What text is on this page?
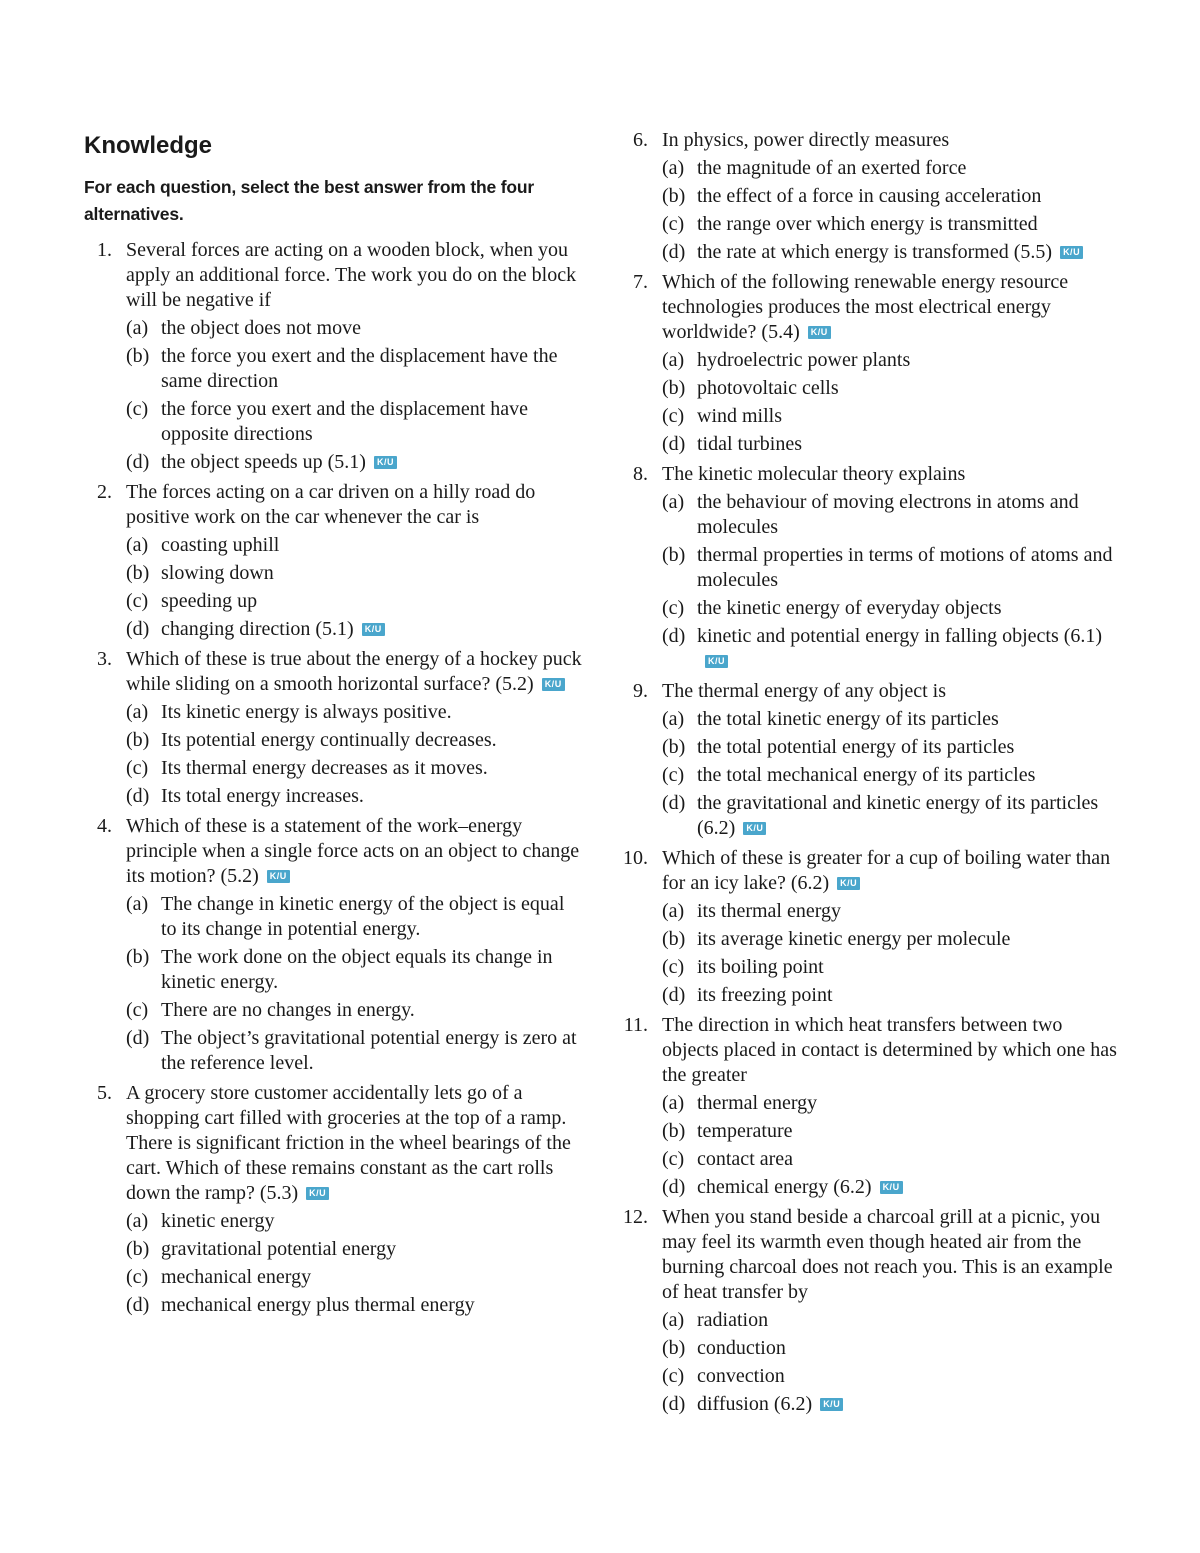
Knowledge
For each question, select the best answer from the four alternatives.
1. Several forces are acting on a wooden block, when you apply an additional force. The work you do on the block will be negative if
(a) the object does not move
(b) the force you exert and the displacement have the same direction
(c) the force you exert and the displacement have opposite directions
(d) the object speeds up (5.1) K/U
2. The forces acting on a car driven on a hilly road do positive work on the car whenever the car is
(a) coasting uphill
(b) slowing down
(c) speeding up
(d) changing direction (5.1) K/U
3. Which of these is true about the energy of a hockey puck while sliding on a smooth horizontal surface? (5.2) K/U
(a) Its kinetic energy is always positive.
(b) Its potential energy continually decreases.
(c) Its thermal energy decreases as it moves.
(d) Its total energy increases.
4. Which of these is a statement of the work–energy principle when a single force acts on an object to change its motion? (5.2) K/U
(a) The change in kinetic energy of the object is equal to its change in potential energy.
(b) The work done on the object equals its change in kinetic energy.
(c) There are no changes in energy.
(d) The object’s gravitational potential energy is zero at the reference level.
5. A grocery store customer accidentally lets go of a shopping cart filled with groceries at the top of a ramp. There is significant friction in the wheel bearings of the cart. Which of these remains constant as the cart rolls down the ramp? (5.3) K/U
(a) kinetic energy
(b) gravitational potential energy
(c) mechanical energy
(d) mechanical energy plus thermal energy
6. In physics, power directly measures
(a) the magnitude of an exerted force
(b) the effect of a force in causing acceleration
(c) the range over which energy is transmitted
(d) the rate at which energy is transformed (5.5) K/U
7. Which of the following renewable energy resource technologies produces the most electrical energy worldwide? (5.4) K/U
(a) hydroelectric power plants
(b) photovoltaic cells
(c) wind mills
(d) tidal turbines
8. The kinetic molecular theory explains
(a) the behaviour of moving electrons in atoms and molecules
(b) thermal properties in terms of motions of atoms and molecules
(c) the kinetic energy of everyday objects
(d) kinetic and potential energy in falling objects (6.1)K/U
9. The thermal energy of any object is
(a) the total kinetic energy of its particles
(b) the total potential energy of its particles
(c) the total mechanical energy of its particles
(d) the gravitational and kinetic energy of its particles (6.2) K/U
10. Which of these is greater for a cup of boiling water than for an icy lake? (6.2) K/U
(a) its thermal energy
(b) its average kinetic energy per molecule
(c) its boiling point
(d) its freezing point
11. The direction in which heat transfers between two objects placed in contact is determined by which one has the greater
(a) thermal energy
(b) temperature
(c) contact area
(d) chemical energy (6.2) K/U
12. When you stand beside a charcoal grill at a picnic, you may feel its warmth even though heated air from the burning charcoal does not reach you. This is an example of heat transfer by
(a) radiation
(b) conduction
(c) convection
(d) diffusion (6.2) K/U
